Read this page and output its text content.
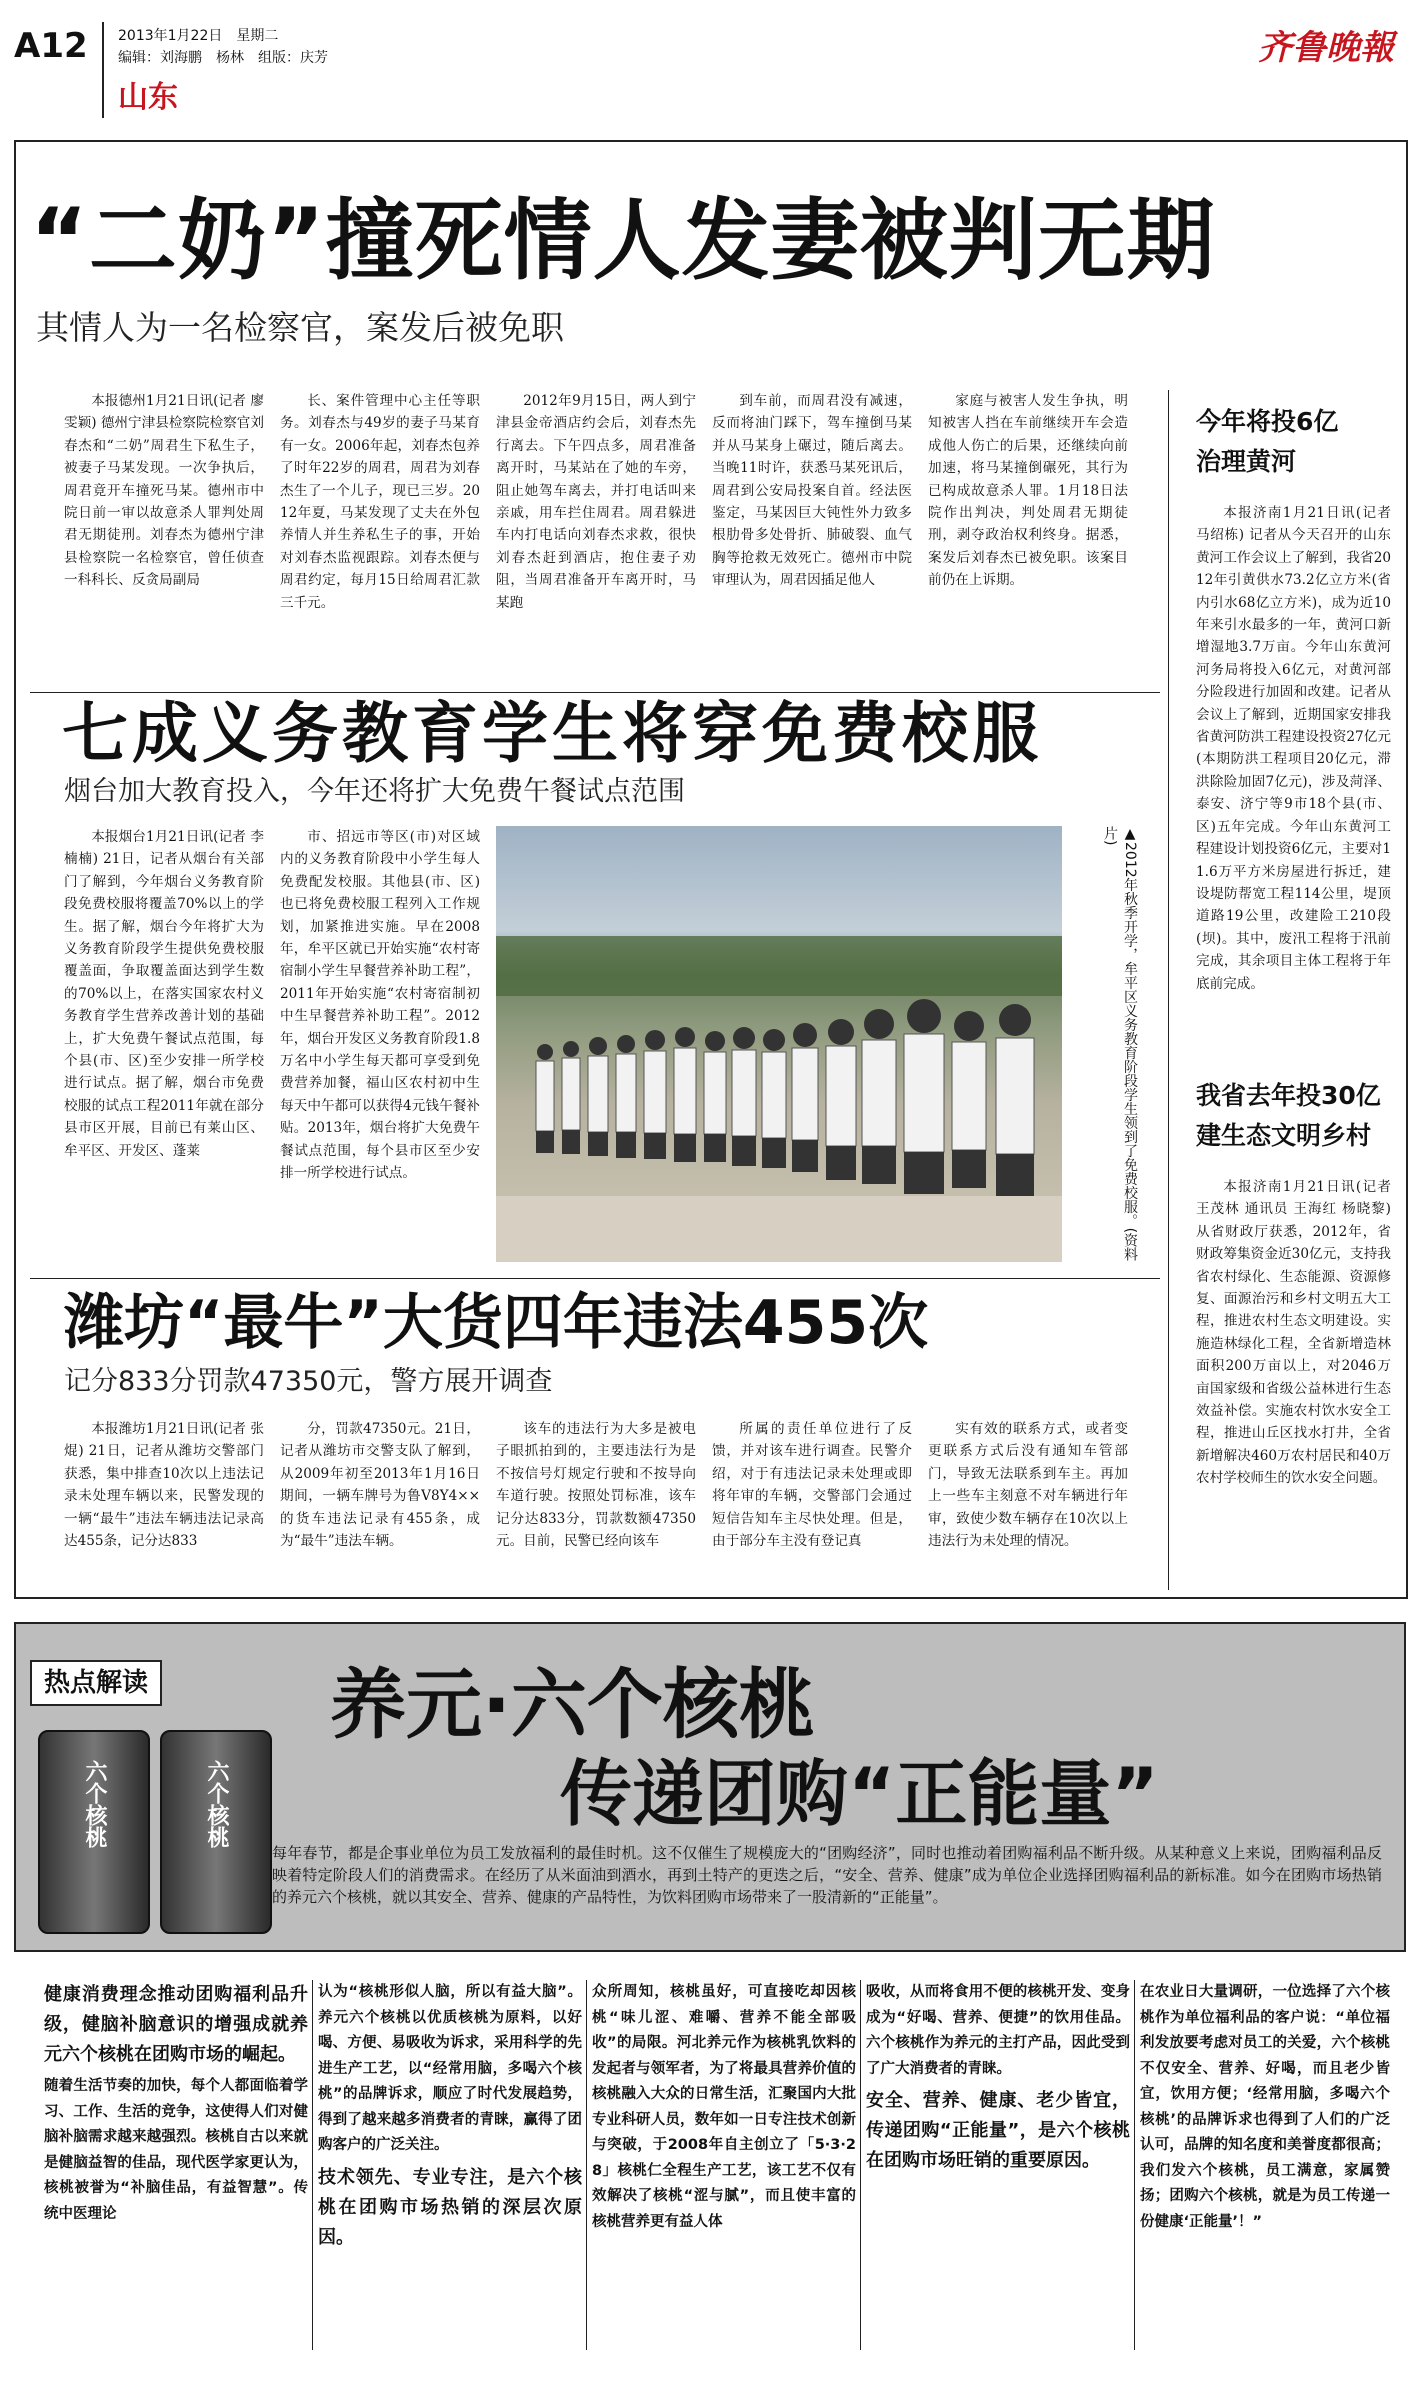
A12 2013年1月22日　星期二
编辑：刘海鹏　杨林　组版：庆芳
山东
齐鲁晚報
“二奶”撞死情人发妻被判无期
其情人为一名检察官，案发后被免职

本报德州1月21日讯(记者 廖雯颖) 德州宁津县检察院检察官刘春杰和“二奶”周君生下私生子，被妻子马某发现。一次争执后，周君竟开车撞死马某。德州市中院日前一审以故意杀人罪判处周君无期徒刑。刘春杰为德州宁津县检察院一名检察官，曾任侦查一科科长、反贪局副局

长、案件管理中心主任等职务。刘春杰与49岁的妻子马某育有一女。2006年起，刘春杰包养了时年22岁的周君，周君为刘春杰生了一个儿子，现已三岁。2012年夏，马某发现了丈夫在外包养情人并生养私生子的事，开始对刘春杰监视跟踪。刘春杰便与周君约定，每月15日给周君汇款三千元。

2012年9月15日，两人到宁津县金帝酒店约会后，刘春杰先行离去。下午四点多，周君准备离开时，马某站在了她的车旁，阻止她驾车离去，并打电话叫来亲戚，用车拦住周君。周君躲进车内打电话向刘春杰求救，很快刘春杰赶到酒店，抱住妻子劝阻，当周君准备开车离开时，马某跑

到车前，而周君没有减速，反而将油门踩下，驾车撞倒马某并从马某身上碾过，随后离去。当晚11时许，获悉马某死讯后，周君到公安局投案自首。经法医鉴定，马某因巨大钝性外力致多根肋骨多处骨折、肺破裂、血气胸等抢救无效死亡。德州市中院审理认为，周君因插足他人

家庭与被害人发生争执，明知被害人挡在车前继续开车会造成他人伤亡的后果，还继续向前加速，将马某撞倒碾死，其行为已构成故意杀人罪。1月18日法院作出判决，判处周君无期徒刑，剥夺政治权利终身。据悉，案发后刘春杰已被免职。该案目前仍在上诉期。

七成义务教育学生将穿免费校服
烟台加大教育投入，今年还将扩大免费午餐试点范围

本报烟台1月21日讯(记者 李楠楠) 21日，记者从烟台有关部门了解到，今年烟台义务教育阶段免费校服将覆盖70%以上的学生。据了解，烟台今年将扩大为义务教育阶段学生提供免费校服覆盖面，争取覆盖面达到学生数的70%以上，在落实国家农村义务教育学生营养改善计划的基础上，扩大免费午餐试点范围，每个县(市、区)至少安排一所学校进行试点。据了解，烟台市免费校服的试点工程2011年就在部分县市区开展，目前已有莱山区、牟平区、开发区、蓬莱

市、招远市等区(市)对区域内的义务教育阶段中小学生每人免费配发校服。其他县(市、区)也已将免费校服工程列入工作规划，加紧推进实施。早在2008年，牟平区就已开始实施“农村寄宿制小学生早餐营养补助工程”，2011年开始实施“农村寄宿制初中生早餐营养补助工程”。2012年，烟台开发区义务教育阶段1.8万名中小学生每天都可享受到免费营养加餐，福山区农村初中生每天中午都可以获得4元钱午餐补贴。2013年，烟台将扩大免费午餐试点范围，每个县市区至少安排一所学校进行试点。	▲2012年秋季开学，牟平区义务教育阶段学生领到了免费校服。(资料片)
潍坊“最牛”大货四年违法455次
记分833分罚款47350元，警方展开调查

本报潍坊1月21日讯(记者 张焜) 21日，记者从潍坊交警部门获悉，集中排查10次以上违法记录未处理车辆以来，民警发现的一辆“最牛”违法车辆违法记录高达455条，记分达833

分，罚款47350元。21日，记者从潍坊市交警支队了解到，从2009年初至2013年1月16日期间，一辆车牌号为鲁V8Y4××的货车违法记录有455条，成为“最牛”违法车辆。

该车的违法行为大多是被电子眼抓拍到的，主要违法行为是不按信号灯规定行驶和不按导向车道行驶。按照处罚标准，该车记分达833分，罚款数额47350元。目前，民警已经向该车

所属的责任单位进行了反馈，并对该车进行调查。民警介绍，对于有违法记录未处理或即将年审的车辆，交警部门会通过短信告知车主尽快处理。但是，由于部分车主没有登记真

实有效的联系方式，或者变更联系方式后没有通知车管部门，导致无法联系到车主。再加上一些车主刻意不对车辆进行年审，致使少数车辆存在10次以上违法行为未处理的情况。

今年将投6亿
治理黄河

本报济南1月21日讯(记者 马绍栋) 记者从今天召开的山东黄河工作会议上了解到，我省2012年引黄供水73.2亿立方米(省内引水68亿立方米)，成为近10年来引水最多的一年，黄河口新增湿地3.7万亩。今年山东黄河河务局将投入6亿元，对黄河部分险段进行加固和改建。记者从会议上了解到，近期国家安排我省黄河防洪工程建设投资27亿元(本期防洪工程项目20亿元，滞洪除险加固7亿元)，涉及菏泽、泰安、济宁等9市18个县(市、区)五年完成。今年山东黄河工程建设计划投资6亿元，主要对11.6万平方米房屋进行拆迁，建设堤防帮宽工程114公里，堤顶道路19公里，改建险工210段(坝)。其中，废汛工程将于汛前完成，其余项目主体工程将于年底前完成。

我省去年投30亿
建生态文明乡村

本报济南1月21日讯(记者 王茂林 通讯员 王海红 杨晓黎) 从省财政厅获悉，2012年，省财政筹集资金近30亿元，支持我省农村绿化、生态能源、资源修复、面源治污和乡村文明五大工程，推进农村生态文明建设。实施造林绿化工程，全省新增造林面积200万亩以上，对2046万亩国家级和省级公益林进行生态效益补偿。实施农村饮水安全工程，推进山丘区找水打井，全省新增解决460万农村居民和40万农村学校师生的饮水安全问题。

热点解读
六个核桃	六个核桃
养元·六个核桃
传递团购“正能量”
每年春节，都是企事业单位为员工发放福利的最佳时机。这不仅催生了规模庞大的“团购经济”，同时也推动着团购福利品不断升级。从某种意义上来说，团购福利品反映着特定阶段人们的消费需求。在经历了从米面油到酒水，再到土特产的更迭之后，“安全、营养、健康”成为单位企业选择团购福利品的新标准。如今在团购市场热销的养元六个核桃，就以其安全、营养、健康的产品特性，为饮料团购市场带来了一股清新的“正能量”。

健康消费理念推动团购福利品升级，健脑补脑意识的增强成就养元六个核桃在团购市场的崛起。

随着生活节奏的加快，每个人都面临着学习、工作、生活的竞争，这使得人们对健脑补脑需求越来越强烈。核桃自古以来就是健脑益智的佳品，现代医学家更认为，核桃被誉为“补脑佳品，有益智慧”。传统中医理论

认为“核桃形似人脑，所以有益大脑”。养元六个核桃以优质核桃为原料，以好喝、方便、易吸收为诉求，采用科学的先进生产工艺，以“经常用脑，多喝六个核桃”的品牌诉求，顺应了时代发展趋势，得到了越来越多消费者的青睐，赢得了团购客户的广泛关注。

技术领先、专业专注，是六个核桃在团购市场热销的深层次原因。

众所周知，核桃虽好，可直接吃却因核桃“味儿涩、难嚼、营养不能全部吸收”的局限。河北养元作为核桃乳饮料的发起者与领军者，为了将最具营养价值的核桃融入大众的日常生活，汇聚国内大批专业科研人员，数年如一日专注技术创新与突破，于2008年自主创立了「5·3·28」核桃仁全程生产工艺，该工艺不仅有效解决了核桃“涩与腻”，而且使丰富的核桃营养更有益人体

吸收，从而将食用不便的核桃开发、变身成为“好喝、营养、便捷”的饮用佳品。六个核桃作为养元的主打产品，因此受到了广大消费者的青睐。

安全、营养、健康、老少皆宜，传递团购“正能量”，是六个核桃在团购市场旺销的重要原因。

在农业日大量调研，一位选择了六个核桃作为单位福利品的客户说：“单位福利发放要考虑对员工的关爱，六个核桃不仅安全、营养、好喝，而且老少皆宜，饮用方便；‘经常用脑，多喝六个核桃’的品牌诉求也得到了人们的广泛认可，品牌的知名度和美誉度都很高；我们发六个核桃，员工满意，家属赞扬；团购六个核桃，就是为员工传递一份健康‘正能量’！”
